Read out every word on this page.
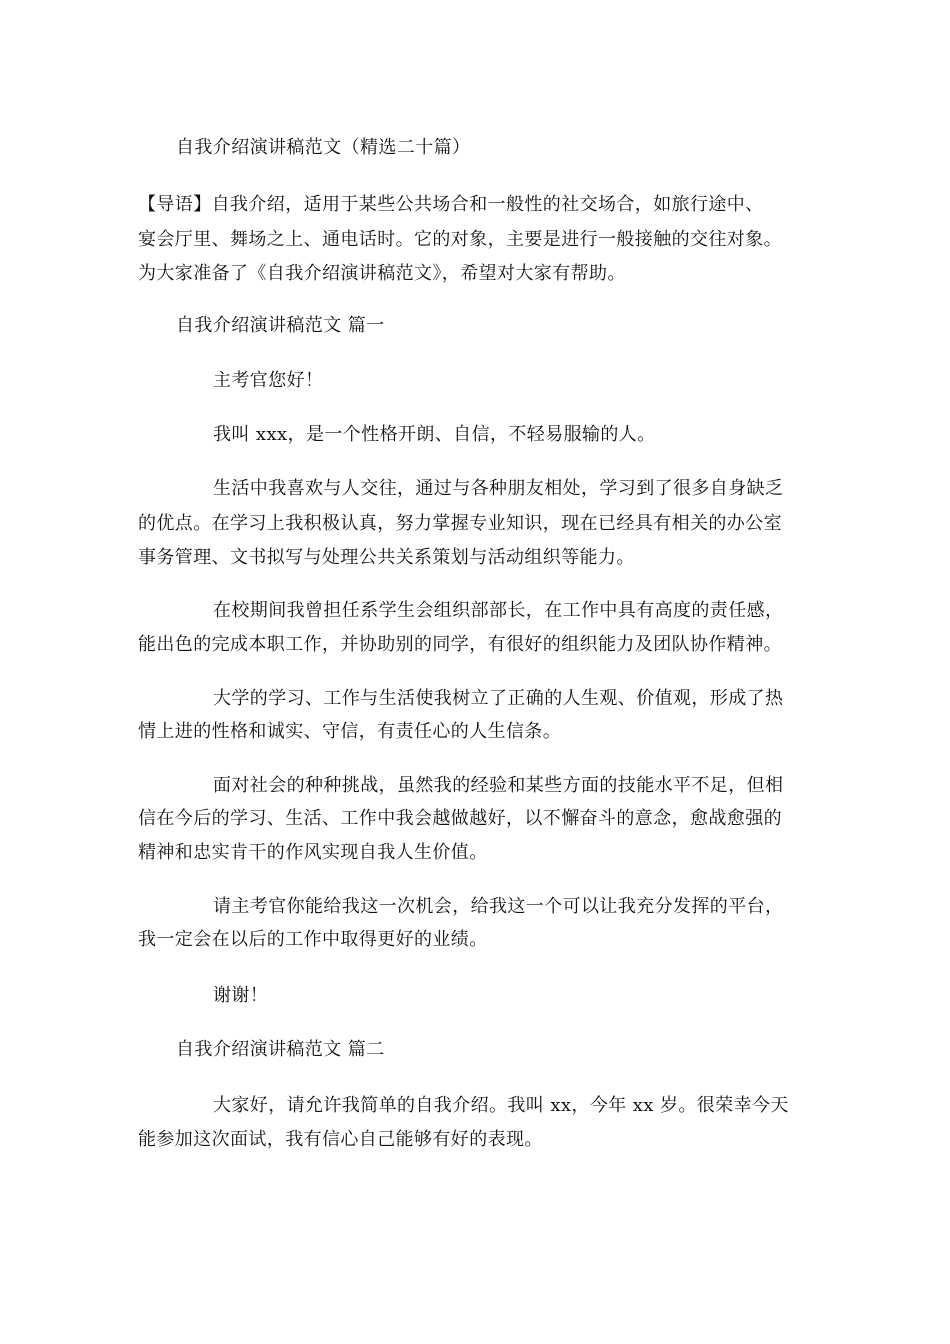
自我介绍演讲稿范文（精选二十篇）
【导语】自我介绍，适用于某些公共场合和一般性的社交场合，如旅行途中、
宴会厅里、舞场之上、通电话时。它的对象，主要是进行一般接触的交往对象。
为大家准备了《自我介绍演讲稿范文》，希望对大家有帮助。
自我介绍演讲稿范文 篇一
主考官您好！
我叫 xxx，是一个性格开朗、自信，不轻易服输的人。
生活中我喜欢与人交往，通过与各种朋友相处，学习到了很多自身缺乏
的优点。在学习上我积极认真，努力掌握专业知识，现在已经具有相关的办公室
事务管理、文书拟写与处理公共关系策划与活动组织等能力。
在校期间我曾担任系学生会组织部部长，在工作中具有高度的责任感，
能出色的完成本职工作，并协助别的同学，有很好的组织能力及团队协作精神。
大学的学习、工作与生活使我树立了正确的人生观、价值观，形成了热
情上进的性格和诚实、守信，有责任心的人生信条。
面对社会的种种挑战，虽然我的经验和某些方面的技能水平不足，但相
信在今后的学习、生活、工作中我会越做越好，以不懈奋斗的意念，愈战愈强的
精神和忠实肯干的作风实现自我人生价值。
请主考官你能给我这一次机会，给我这一个可以让我充分发挥的平台，
我一定会在以后的工作中取得更好的业绩。
谢谢！
自我介绍演讲稿范文 篇二
大家好，请允许我简单的自我介绍。我叫 xx，今年 xx 岁。很荣幸今天
能参加这次面试，我有信心自己能够有好的表现。
